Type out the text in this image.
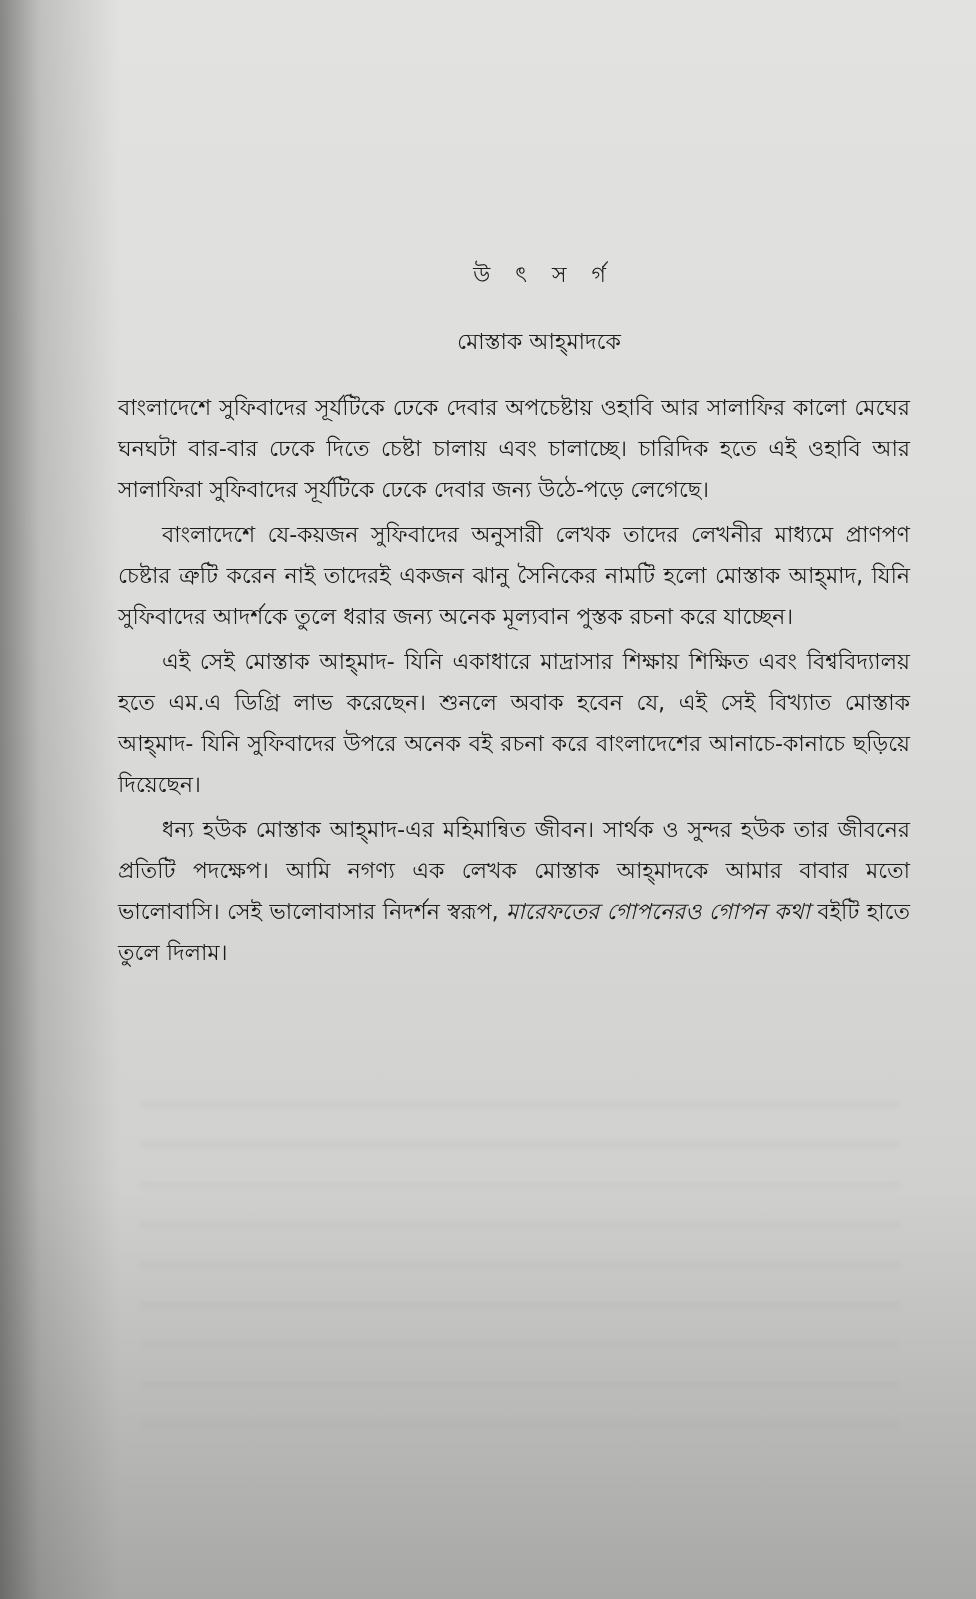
উ ৎ স র্গ
মোস্তাক আহ্‌মাদকে

বাংলাদেশে সুফিবাদের সূর্যটিকে ঢেকে দেবার অপচেষ্টায় ওহাবি আর সালাফির কালো মেঘের ঘনঘটা বার-বার ঢেকে দিতে চেষ্টা চালায় এবং চালাচ্ছে। চারিদিক হতে এই ওহাবি আর সালাফিরা সুফিবাদের সূর্যটিকে ঢেকে দেবার জন্য উঠে-পড়ে লেগেছে।

বাংলাদেশে যে-কয়জন সুফিবাদের অনুসারী লেখক তাদের লেখনীর মাধ্যমে প্রাণপণ চেষ্টার ত্রুটি করেন নাই তাদেরই একজন ঝানু সৈনিকের নামটি হলো মোস্তাক আহ্‌মাদ, যিনি সুফিবাদের আদর্শকে তুলে ধরার জন্য অনেক মূল্যবান পুস্তক রচনা করে যাচ্ছেন।

এই সেই মোস্তাক আহ্‌মাদ- যিনি একাধারে মাদ্রাসার শিক্ষায় শিক্ষিত এবং বিশ্ববিদ্যালয় হতে এম.এ ডিগ্রি লাভ করেছেন। শুনলে অবাক হবেন যে, এই সেই বিখ্যাত মোস্তাক আহ্‌মাদ- যিনি সুফিবাদের উপরে অনেক বই রচনা করে বাংলাদেশের আনাচে-কানাচে ছড়িয়ে দিয়েছেন।

ধন্য হউক মোস্তাক আহ্‌মাদ-এর মহিমান্বিত জীবন। সার্থক ও সুন্দর হউক তার জীবনের প্রতিটি পদক্ষেপ। আমি নগণ্য এক লেখক মোস্তাক আহ্‌মাদকে আমার বাবার মতো ভালোবাসি। সেই ভালোবাসার নিদর্শন স্বরূপ, মারেফতের গোপনেরও গোপন কথা বইটি হাতে তুলে দিলাম।
